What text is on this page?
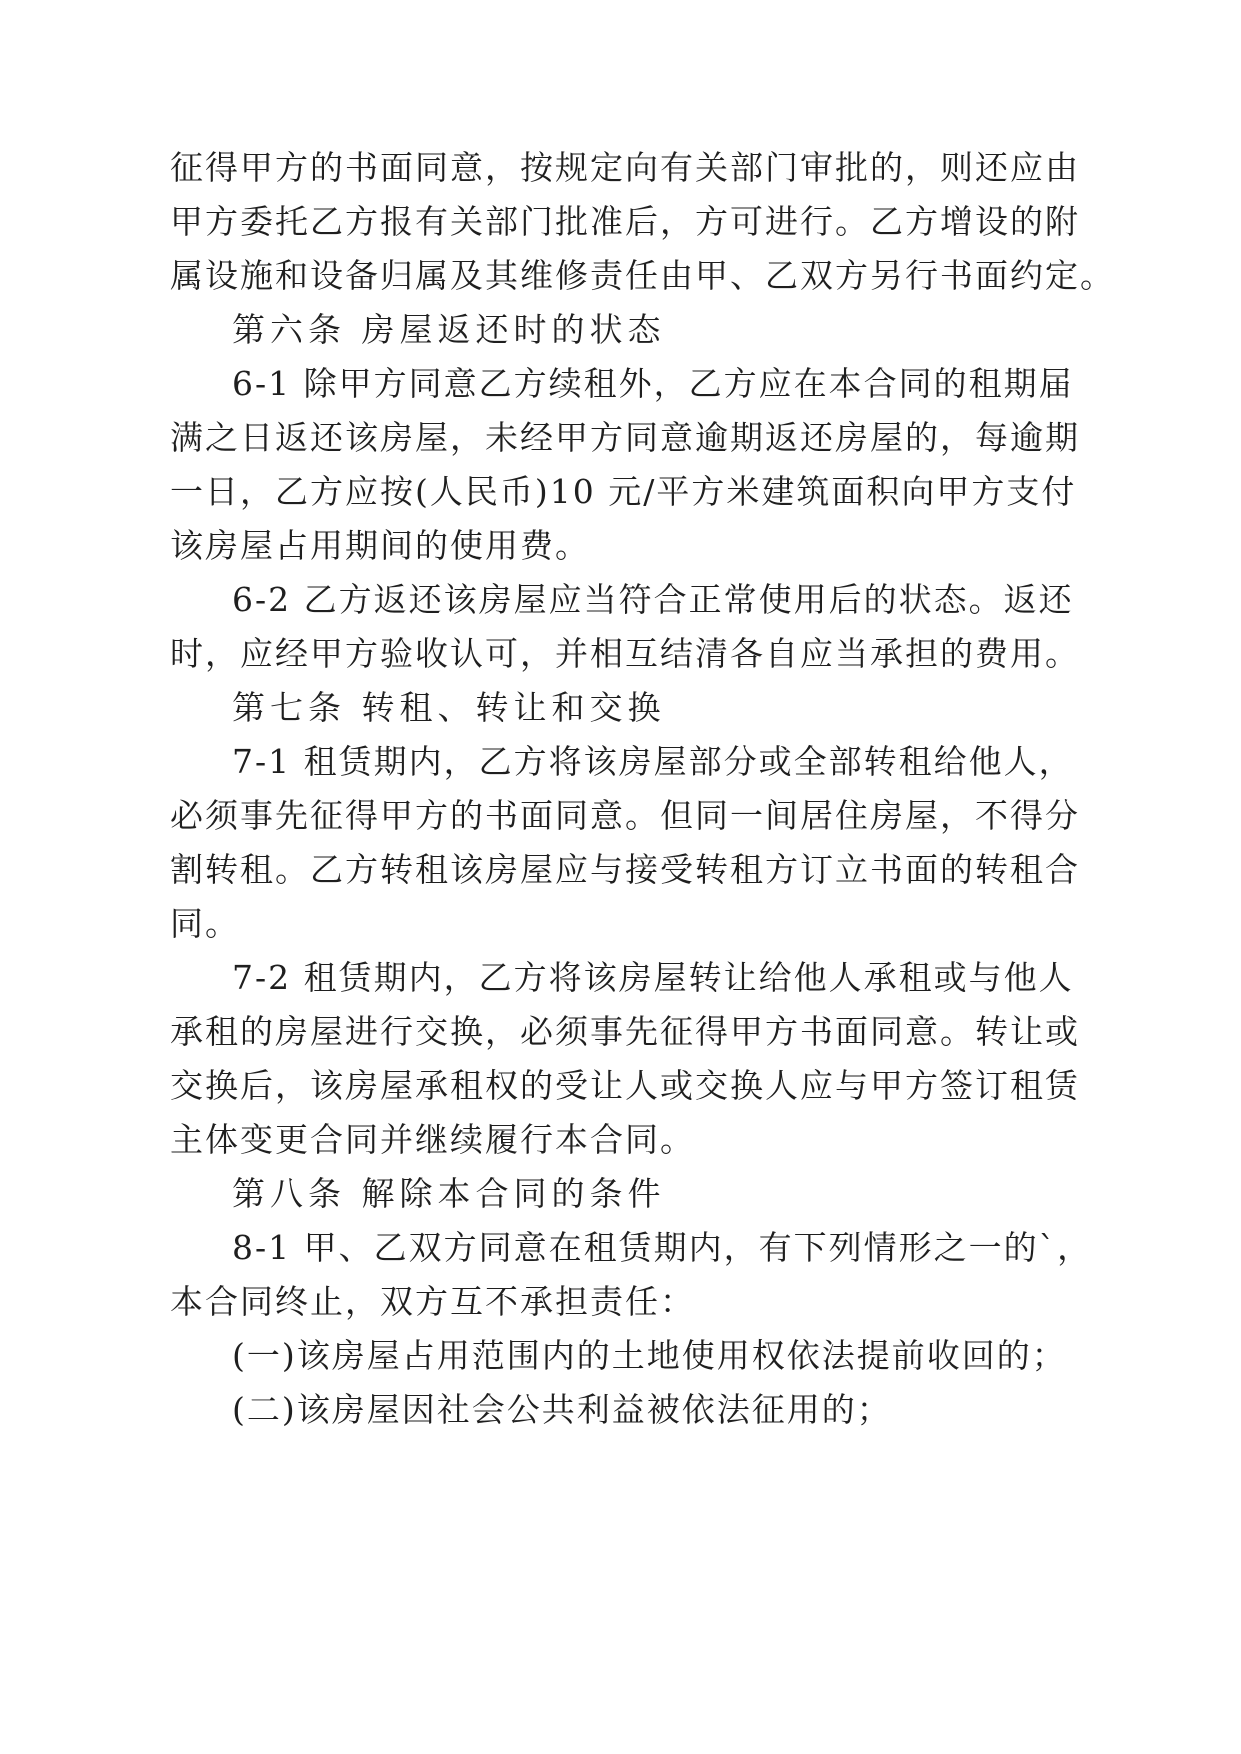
征得甲方的书面同意，按规定向有关部门审批的，则还应由
甲方委托乙方报有关部门批准后，方可进行。乙方增设的附
属设施和设备归属及其维修责任由甲、乙双方另行书面约定。
第六条 房屋返还时的状态
6-1 除甲方同意乙方续租外，乙方应在本合同的租期届
满之日返还该房屋，未经甲方同意逾期返还房屋的，每逾期
一日，乙方应按(人民币)10 元/平方米建筑面积向甲方支付
该房屋占用期间的使用费。
6-2 乙方返还该房屋应当符合正常使用后的状态。返还
时，应经甲方验收认可，并相互结清各自应当承担的费用。
第七条 转租、转让和交换
7-1 租赁期内，乙方将该房屋部分或全部转租给他人，
必须事先征得甲方的书面同意。但同一间居住房屋，不得分
割转租。乙方转租该房屋应与接受转租方订立书面的转租合
同。
7-2 租赁期内，乙方将该房屋转让给他人承租或与他人
承租的房屋进行交换，必须事先征得甲方书面同意。转让或
交换后，该房屋承租权的受让人或交换人应与甲方签订租赁
主体变更合同并继续履行本合同。
第八条 解除本合同的条件
8-1 甲、乙双方同意在租赁期内，有下列情形之一的`，
本合同终止，双方互不承担责任：
(一)该房屋占用范围内的土地使用权依法提前收回的；
(二)该房屋因社会公共利益被依法征用的；
